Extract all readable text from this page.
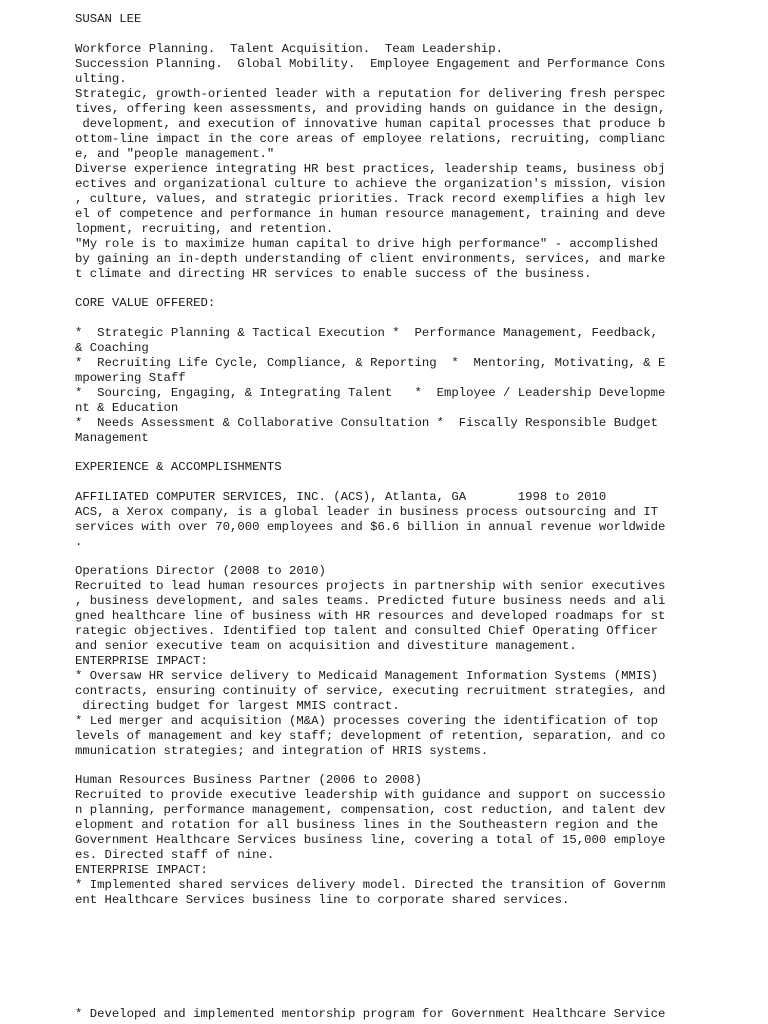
SUSAN LEE
Workforce Planning.  Talent Acquisition.  Team Leadership.
Succession Planning.  Global Mobility.  Employee Engagement and Performance Cons
ulting.
Strategic, growth-oriented leader with a reputation for delivering fresh perspec
tives, offering keen assessments, and providing hands on guidance in the design,
development, and execution of innovative human capital processes that produce b
ottom-line impact in the core areas of employee relations, recruiting, complianc
e, and "people management."
Diverse experience integrating HR best practices, leadership teams, business obj
ectives and organizational culture to achieve the organization's mission, vision
, culture, values, and strategic priorities. Track record exemplifies a high lev
el of competence and performance in human resource management, training and deve
lopment, recruiting, and retention.
"My role is to maximize human capital to drive high performance" - accomplished
by gaining an in-depth understanding of client environments, services, and marke
t climate and directing HR services to enable success of the business.
CORE VALUE OFFERED:
*  Strategic Planning & Tactical Execution *  Performance Management, Feedback,
& Coaching
*  Recruiting Life Cycle, Compliance, & Reporting  *  Mentoring, Motivating, & E
mpowering Staff
*  Sourcing, Engaging, & Integrating Talent   *  Employee / Leadership Developme
nt & Education
*  Needs Assessment & Collaborative Consultation *  Fiscally Responsible Budget
Management
EXPERIENCE & ACCOMPLISHMENTS
AFFILIATED COMPUTER SERVICES, INC. (ACS), Atlanta, GA       1998 to 2010
ACS, a Xerox company, is a global leader in business process outsourcing and IT
services with over 70,000 employees and $6.6 billion in annual revenue worldwide
.
Operations Director (2008 to 2010)
Recruited to lead human resources projects in partnership with senior executives
, business development, and sales teams. Predicted future business needs and ali
gned healthcare line of business with HR resources and developed roadmaps for st
rategic objectives. Identified top talent and consulted Chief Operating Officer
and senior executive team on acquisition and divestiture management.
ENTERPRISE IMPACT:
* Oversaw HR service delivery to Medicaid Management Information Systems (MMIS)
contracts, ensuring continuity of service, executing recruitment strategies, and
directing budget for largest MMIS contract.
* Led merger and acquisition (M&A) processes covering the identification of top
levels of management and key staff; development of retention, separation, and co
mmunication strategies; and integration of HRIS systems.
Human Resources Business Partner (2006 to 2008)
Recruited to provide executive leadership with guidance and support on successio
n planning, performance management, compensation, cost reduction, and talent dev
elopment and rotation for all business lines in the Southeastern region and the
Government Healthcare Services business line, covering a total of 15,000 employe
es. Directed staff of nine.
ENTERPRISE IMPACT:
* Implemented shared services delivery model. Directed the transition of Governm
ent Healthcare Services business line to corporate shared services.
* Developed and implemented mentorship program for Government Healthcare Service
